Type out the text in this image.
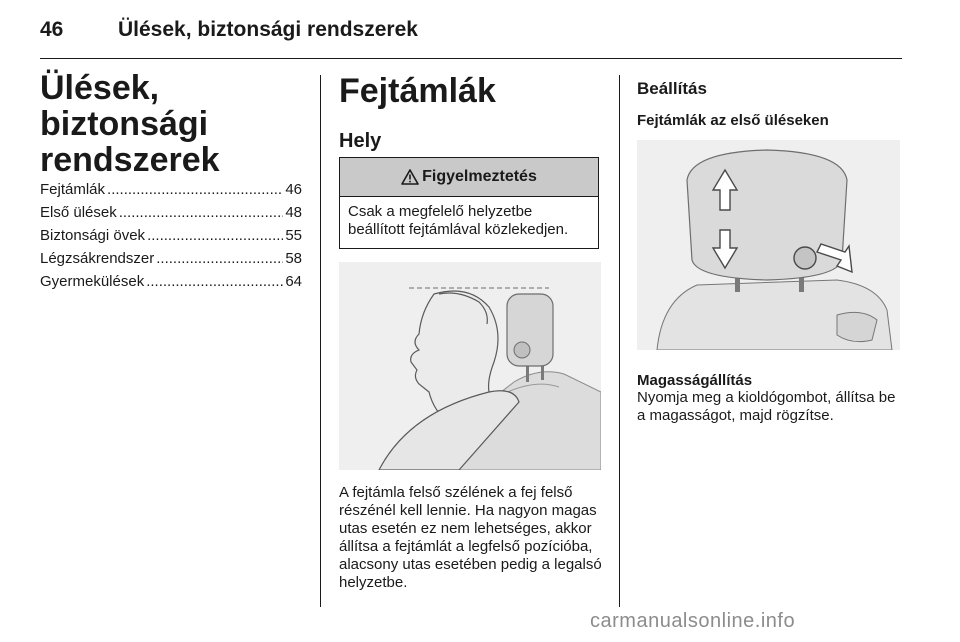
46	Ülések, biztonsági rendszerek
Ülések, biztonsági rendszerek
Fejtámlák .....	46
Első ülések .....	48
Biztonsági övek .....	55
Légzsákrendszer .....	58
Gyermekülések .....	64
Fejtámlák
Hely
Figyelmeztetés
Csak a megfelelő helyzetbe beállított fejtámlával közlekedjen.
A fejtámla felső szélének a fej felső részénél kell lennie. Ha nagyon magas utas esetén ez nem lehetséges, akkor állítsa a fejtámlát a legfelső pozícióba, alacsony utas esetében pedig a legalsó helyzetbe.
Beállítás
Fejtámlák az első üléseken
Magasságállítás
Nyomja meg a kioldógombot, állítsa be a magasságot, majd rögzítse.
carmanualsonline.info
